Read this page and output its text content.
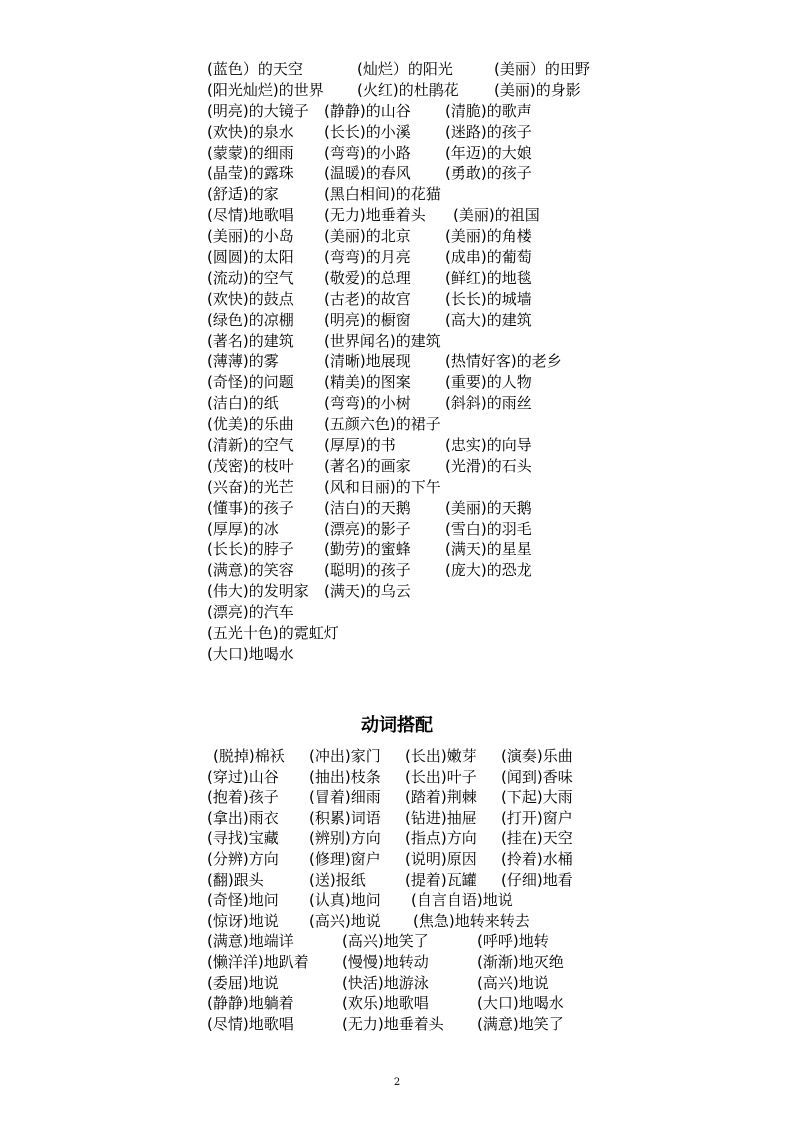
(蓝色）的天空	(灿烂）的阳光	(美丽）的田野
(阳光灿烂)的世界 (火红)的杜鹃花 (美丽)的身影
(明亮)的大镜子 (静静)的山谷 (清脆)的歌声
(欢快)的泉水 (长长)的小溪 (迷路)的孩子
(蒙蒙)的细雨 (弯弯)的小路 (年迈)的大娘
(晶莹)的露珠 (温暖)的春风 (勇敢)的孩子
(舒适)的家	(黑白相间)的花猫
(尽情)地歌唱 (无力)地垂着头 (美丽)的祖国
(美丽)的小岛 (美丽)的北京 (美丽)的角楼
(圆圆)的太阳 (弯弯)的月亮 (成串)的葡萄
(流动)的空气 (敬爱)的总理 (鲜红)的地毯
(欢快)的鼓点 (古老)的故宫 (长长)的城墙
(绿色)的凉棚 (明亮)的橱窗 (高大)的建筑
(著名)的建筑 (世界闻名)的建筑
(薄薄)的雾	(清晰)地展现 (热情好客)的老乡
(奇怪)的问题 (精美)的图案 (重要)的人物
(洁白)的纸	(弯弯)的小树 (斜斜)的雨丝
(优美)的乐曲 (五颜六色)的裙子
(清新)的空气 (厚厚)的书	(忠实)的向导
(茂密)的枝叶 (著名)的画家 (光滑)的石头
(兴奋)的光芒 (风和日丽)的下午
(懂事)的孩子 (洁白)的天鹅 (美丽)的天鹅
(厚厚)的冰	(漂亮)的影子 (雪白)的羽毛
(长长)的脖子 (勤劳)的蜜蜂 (满天)的星星
(满意)的笑容 (聪明)的孩子 (庞大)的恐龙
(伟大)的发明家 (满天)的乌云
(漂亮)的汽车
(五光十色)的霓虹灯
(大口)地喝水
动词搭配
(脱掉)棉袄 (冲出)家门 (长出)嫩芽 (演奏)乐曲
(穿过)山谷 (抽出)枝条 (长出)叶子 (闻到)香味
(抱着)孩子 (冒着)细雨 (踏着)荆棘 (下起)大雨
(拿出)雨衣 (积累)词语 (钻进)抽屉 (打开)窗户
(寻找)宝藏 (辨别)方向 (指点)方向 (挂在)天空
(分辨)方向 (修理)窗户 (说明)原因 (拎着)水桶
(翻)跟头	(送)报纸	(提着)瓦罐 (仔细)地看
(奇怪)地问 (认真)地问 (自言自语)地说
(惊讶)地说 (高兴)地说 (焦急)地转来转去
(满意)地端详	(高兴)地笑了	(呼呼)地转
(懒洋洋)地趴着 (慢慢)地转动	(渐渐)地灭绝
(委屈)地说	(快活)地游泳	(高兴)地说
(静静)地躺着	(欢乐)地歌唱	(大口)地喝水
(尽情)地歌唱	(无力)地垂着头 (满意)地笑了
2
